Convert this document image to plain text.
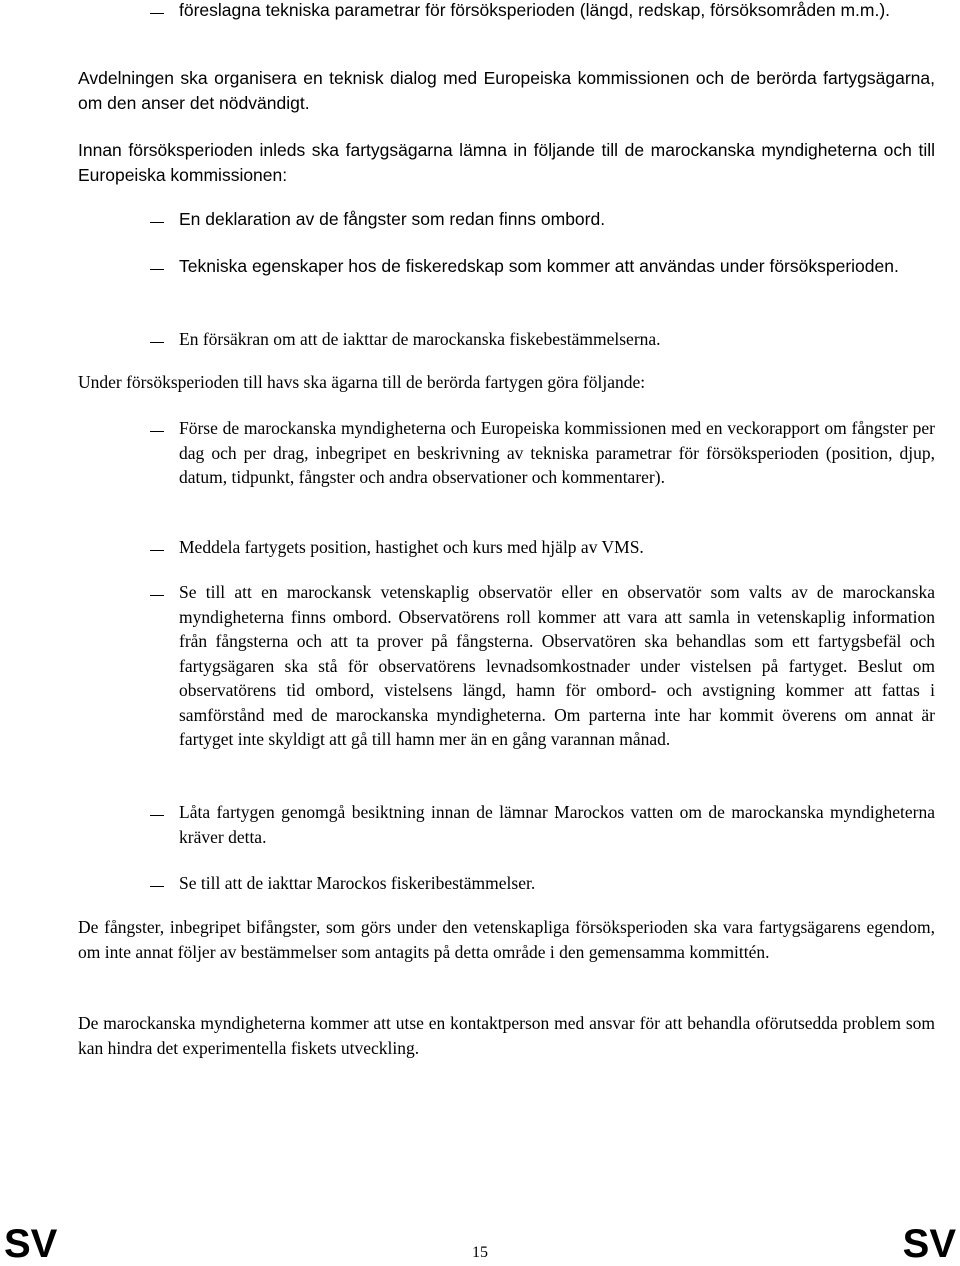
föreslagna tekniska parametrar för försöksperioden (längd, redskap, försöksområden m.m.).
Avdelningen ska organisera en teknisk dialog med Europeiska kommissionen och de berörda fartygsägarna, om den anser det nödvändigt.
Innan försöksperioden inleds ska fartygsägarna lämna in följande till de marockanska myndigheterna och till Europeiska kommissionen:
En deklaration av de fångster som redan finns ombord.
Tekniska egenskaper hos de fiskeredskap som kommer att användas under försöksperioden.
En försäkran om att de iakttar de marockanska fiskebestämmelserna.
Under försöksperioden till havs ska ägarna till de berörda fartygen göra följande:
Förse de marockanska myndigheterna och Europeiska kommissionen med en veckorapport om fångster per dag och per drag, inbegripet en beskrivning av tekniska parametrar för försöksperioden (position, djup, datum, tidpunkt, fångster och andra observationer och kommentarer).
Meddela fartygets position, hastighet och kurs med hjälp av VMS.
Se till att en marockansk vetenskaplig observatör eller en observatör som valts av de marockanska myndigheterna finns ombord. Observatörens roll kommer att vara att samla in vetenskaplig information från fångsterna och att ta prover på fångsterna. Observatören ska behandlas som ett fartygsbefäl och fartygsägaren ska stå för observatörens levnadsomkostnader under vistelsen på fartyget. Beslut om observatörens tid ombord, vistelsens längd, hamn för ombord- och avstigning kommer att fattas i samförstånd med de marockanska myndigheterna. Om parterna inte har kommit överens om annat är fartyget inte skyldigt att gå till hamn mer än en gång varannan månad.
Låta fartygen genomgå besiktning innan de lämnar Marockos vatten om de marockanska myndigheterna kräver detta.
Se till att de iakttar Marockos fiskeribestämmelser.
De fångster, inbegripet bifångster, som görs under den vetenskapliga försöksperioden ska vara fartygsägarens egendom, om inte annat följer av bestämmelser som antagits på detta område i den gemensamma kommittén.
De marockanska myndigheterna kommer att utse en kontaktperson med ansvar för att behandla oförutsedda problem som kan hindra det experimentella fiskets utveckling.
SV	15	SV
